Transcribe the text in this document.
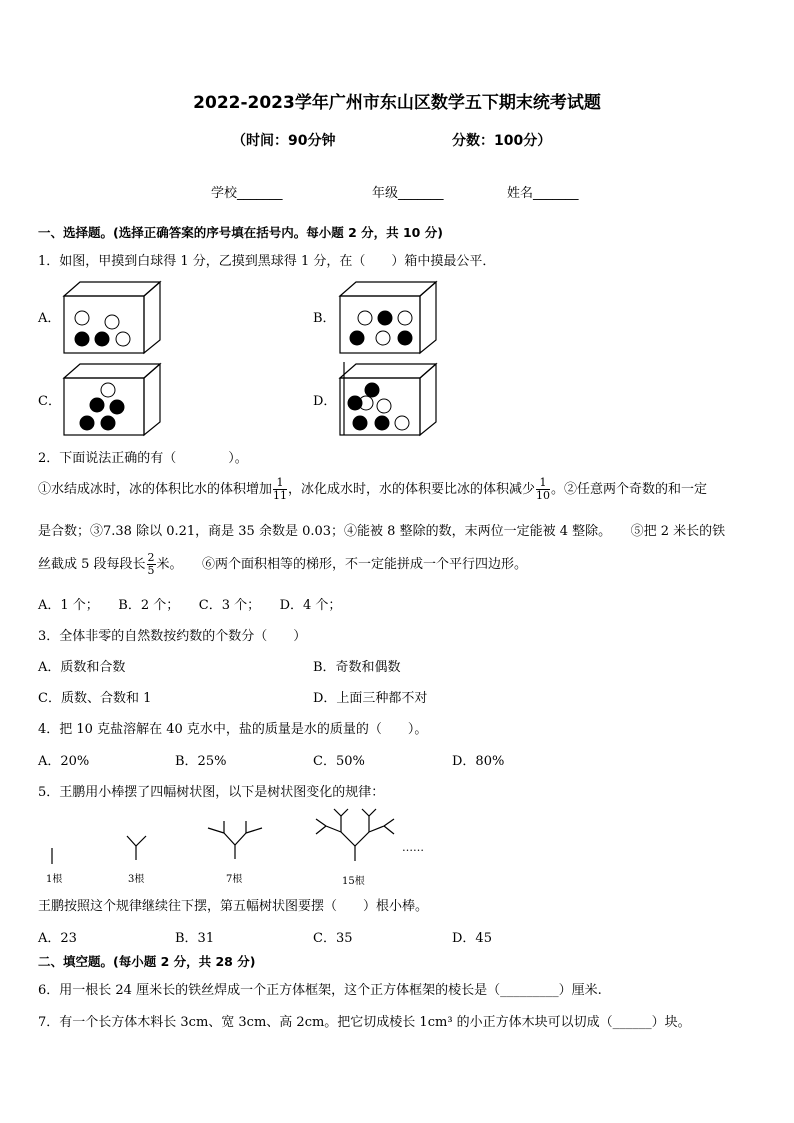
2022-2023学年广州市东山区数学五下期末统考试题
（时间：90分钟	分数：100分）
学校_______	年级_______	姓名_______
一、选择题。(选择正确答案的序号填在括号内。每小题 2 分，共 10 分)
1．如图，甲摸到白球得 1 分，乙摸到黑球得 1 分，在（　　）箱中摸最公平．
A．	B．
C．	D．
2．下面说法正确的有（　　　　）。
①水结成冰时，冰的体积比水的体积增加 $\frac{1}{11}$ ，冰化成水时，水的体积要比冰的体积减少 $\frac{1}{10}$ 。②任意两个奇数的和一定
是合数；③7.38 除以 0.21，商是 35 余数是 0.03；④能被 8 整除的数，末两位一定能被 4 整除。　　⑤把 2 米长的铁
丝截成 5 段每段长 $\frac{2}{5}$ 米。　　⑥两个面积相等的梯形，不一定能拼成一个平行四边形。
A．1 个；　　B．2 个；　　C．3 个；　　D．4 个；
3．全体非零的自然数按约数的个数分（　　）
A．质数和合数	B．奇数和偶数
C．质数、合数和 1	D．上面三种都不对
4．把 10 克盐溶解在 40 克水中，盐的质量是水的质量的（　　）。
A．20%	B．25%	C．50%	D．80%
5．王鹏用小棒摆了四幅树状图，以下是树状图变化的规律：
1根	3根	7根	15根
……
王鹏按照这个规律继续往下摆，第五幅树状图要摆（　　）根小棒。
A．23	B．31	C．35	D．45
二、填空题。(每小题 2 分，共 28 分)
6．用一根长 24 厘米长的铁丝焊成一个正方体框架，这个正方体框架的棱长是（_________）厘米.
7．有一个长方体木料长 3cm、宽 3cm、高 2cm。把它切成棱长 1cm³ 的小正方体木块可以切成（______）块。
